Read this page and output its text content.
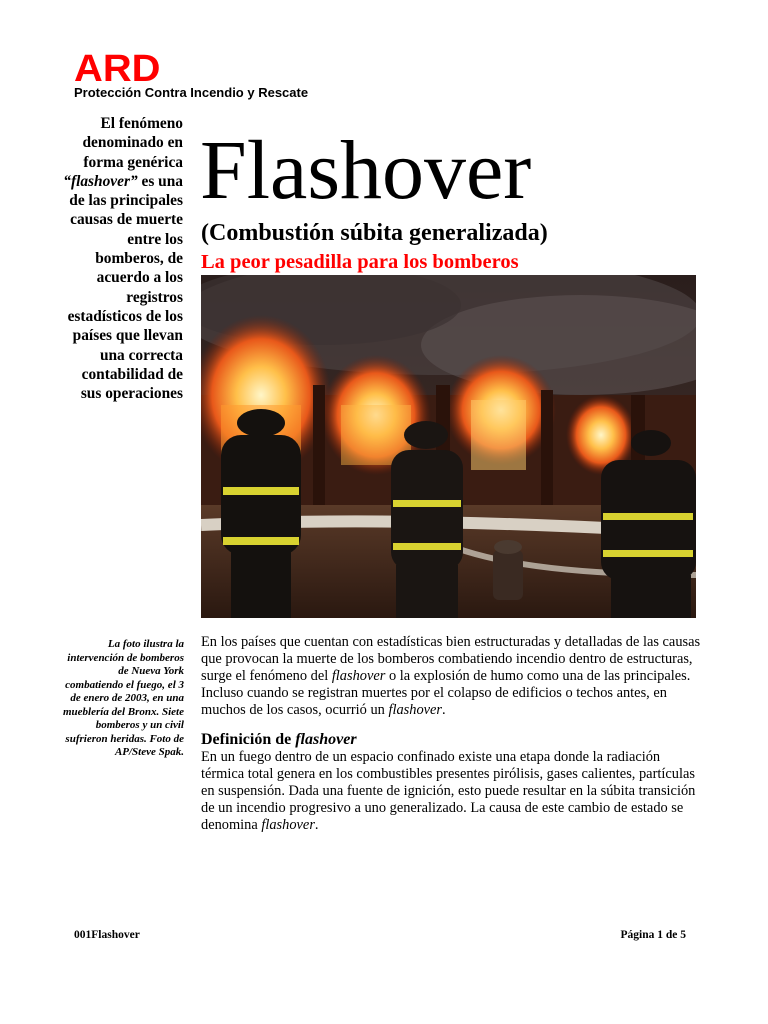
ARD
Protección Contra Incendio y Rescate
El fenómeno denominado en forma genérica “flashover” es una de las principales causas de muerte entre los bomberos, de acuerdo a los registros estadísticos de los países que llevan una correcta contabilidad de sus operaciones
Flashover
(Combustión súbita generalizada)
La peor pesadilla para los bomberos
La foto ilustra la intervención de bomberos de Nueva York combatiendo el fuego, el 3 de enero de 2003, en una mueblería del Bronx. Siete bomberos y un civil sufrieron heridas. Foto de AP/Steve Spak.

En los países que cuentan con estadísticas bien estructuradas y detalladas de las causas que provocan la muerte de los bomberos combatiendo incendio dentro de estructuras, surge el fenómeno del flashover o la explosión de humo como una de las principales. Incluso cuando se registran muertes por el colapso de edificios o techos antes, en muchos de los casos, ocurrió un flashover.

Definición de flashover

En un fuego dentro de un espacio confinado existe una etapa donde la radiación térmica total genera en los combustibles presentes pirólisis, gases calientes, partículas en suspensión. Dada una fuente de ignición, esto puede resultar en la súbita transición de un incendio progresivo a uno generalizado. La causa de este cambio de estado se denomina flashover.

001Flashover	Página 1 de 5
